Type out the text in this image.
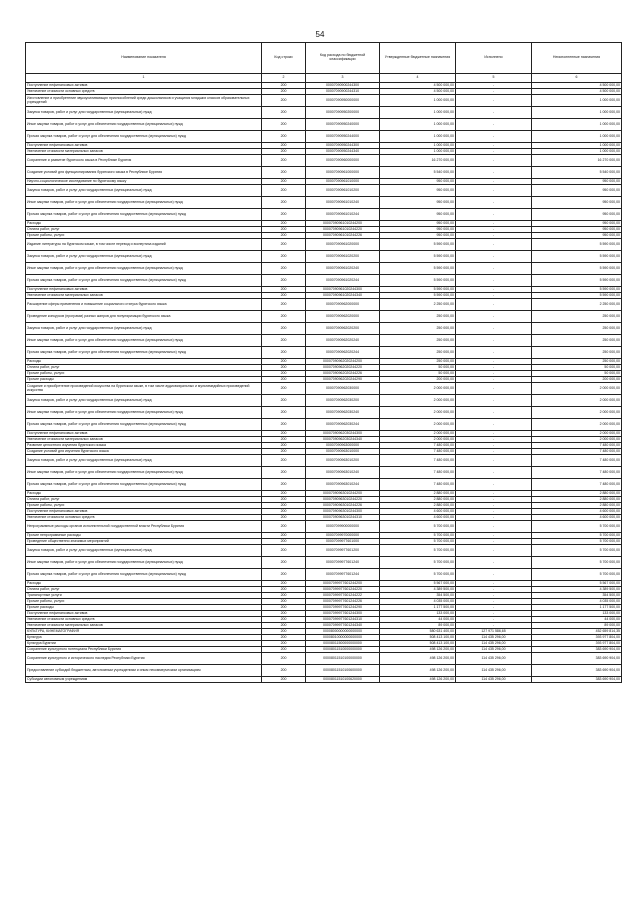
54
Наименование показателя	Код строки	Код расхода по бюджетной классификации	Утвержденные бюджетные назначения	Исполнено	Неисполненные назначения
1	2	3	4	5	6
Поступление нефинансовых активов	200	00007090900244300	4 500 000,00	-	4 500 000,00
Увеличение стоимости основных средств	200	00007090900244310	4 500 000,00	-	4 500 000,00
Изготовление и приобретение звукоусиливающих приспособлений среди дошкольников и учащихся младших классов образовательных учреждений	200	00007090950000000	1 000 000,00	-	1 000 000,00
Закупка товаров, работ и услуг для государственных (муниципальных) нужд	200	00007090950200000	1 000 000,00	-	1 000 000,00
Иные закупки товаров, работ и услуг для обеспечения государственных (муниципальных) нужд	200	00007090950240000	1 000 000,00	-	1 000 000,00
Прочая закупка товаров, работ и услуг для обеспечения государственных (муниципальных) нужд	200	00007090950244000	1 000 000,00	-	1 000 000,00
Поступление нефинансовых активов	200	00007090950244300	1 000 000,00	-	1 000 000,00
Увеличение стоимости материальных запасов	200	00007090950244340	1 000 000,00	-	1 000 000,00
Сохранение и развитие бурятского языка в Республике Бурятия	200	00007090960000000	16 270 000,00	-	16 270 000,00
Создание условий для функционирования бурятского языка в Республике Бурятия	200	00007090961000000	5 540 000,00	-	5 540 000,00
Научно-социологическое исследование по бурятскому языку	200	00007090961010000	950 000,00	-	950 000,00
Закупка товаров, работ и услуг для государственных (муниципальных) нужд	200	00007090961010200	950 000,00	-	950 000,00
Иные закупки товаров, работ и услуг для обеспечения государственных (муниципальных) нужд	200	00007090961010240	950 000,00	-	950 000,00
Прочая закупка товаров, работ и услуг для обеспечения государственных (муниципальных) нужд	200	00007090961010244	950 000,00	-	950 000,00
Расходы	200	00007090961010244200	950 000,00	-	950 000,00
Оплата работ, услуг	200	00007090961010244220	950 000,00	-	950 000,00
Прочие работы, услуги	200	00007090961010244226	950 000,00	-	950 000,00
Издание литературы на бурятском языке, в том числе перевод и экспертиза изданий	200	00007090961020000	5 590 000,00	-	5 590 000,00
Закупка товаров, работ и услуг для государственных (муниципальных) нужд	200	00007090961020200	5 590 000,00	-	5 590 000,00
Иные закупки товаров, работ и услуг для обеспечения государственных (муниципальных) нужд	200	00007090961020240	5 590 000,00	-	5 590 000,00
Прочая закупка товаров, работ и услуг для обеспечения государственных (муниципальных) нужд	200	00007090961020244	5 590 000,00	-	5 590 000,00
Поступление нефинансовых активов	200	00007090961020244300	5 590 000,00	-	5 590 000,00
Увеличение стоимости материальных запасов	200	00007090961020244340	5 590 000,00	-	5 590 000,00
Расширение сферы применения и повышение социального статуса бурятского языка	200	00007090962000000	2 250 000,00	-	2 250 000,00
Проведение конкурсов (программ) разных жанров для популяризации бурятского языка	200	00007090962020000	250 000,00	-	250 000,00
Закупка товаров, работ и услуг для государственных (муниципальных) нужд	200	00007090962020200	250 000,00	-	250 000,00
Иные закупки товаров, работ и услуг для обеспечения государственных (муниципальных) нужд	200	00007090962020240	250 000,00	-	250 000,00
Прочая закупка товаров, работ и услуг для обеспечения государственных (муниципальных) нужд	200	00007090962020244	250 000,00	-	250 000,00
Расходы	200	00007090962020244200	250 000,00	-	250 000,00
Оплата работ, услуг	200	00007090962020244220	50 000,00	-	50 000,00
Прочие работы, услуги	200	00007090962020244226	50 000,00	-	50 000,00
Прочие расходы	200	00007090962020244290	200 000,00	-	200 000,00
Создание и приобретение произведений искусства на бурятском языке, в том числе аудиовизуальных и мультимедийных произведений искусства	200	00007090962030000	2 000 000,00	-	2 000 000,00
Закупка товаров, работ и услуг для государственных (муниципальных) нужд	200	00007090962030200	2 000 000,00	-	2 000 000,00
Иные закупки товаров, работ и услуг для обеспечения государственных (муниципальных) нужд	200	00007090962030240	2 000 000,00	-	2 000 000,00
Прочая закупка товаров, работ и услуг для обеспечения государственных (муниципальных) нужд	200	00007090962030244	2 000 000,00	-	2 000 000,00
Поступление нефинансовых активов	200	00007090962030244300	2 000 000,00	-	2 000 000,00
Увеличение стоимости материальных запасов	200	00007090962030244340	2 000 000,00	-	2 000 000,00
Развитие целостного изучения бурятского языка	200	00007090963000000	7 480 000,00	-	7 480 000,00
Создание условий для изучения бурятского языка	200	00007090963010000	7 480 000,00	-	7 480 000,00
Закупка товаров, работ и услуг для государственных (муниципальных) нужд	200	00007090963010200	7 480 000,00	-	7 480 000,00
Иные закупки товаров, работ и услуг для обеспечения государственных (муниципальных) нужд	200	00007090963010240	7 480 000,00	-	7 480 000,00
Прочая закупка товаров, работ и услуг для обеспечения государственных (муниципальных) нужд	200	00007090963010244	7 480 000,00	-	7 480 000,00
Расходы	200	00007090963010244200	2 880 000,00	-	2 880 000,00
Оплата работ, услуг	200	00007090963010244220	2 880 000,00	-	2 880 000,00
Прочие работы, услуги	200	00007090963010244226	2 880 000,00	-	2 880 000,00
Поступление нефинансовых активов	200	00007090963010244300	4 600 000,00	-	4 600 000,00
Увеличение стоимости основных средств	200	00007090963010244310	4 600 000,00	-	4 600 000,00
Непрограммные расходы органов исполнительной государственной власти Республики Бурятия	200	00007099900000000	5 700 000,00	-	5 700 000,00
Прочие непрограммные расходы	200	00007099970000000	5 700 000,00	-	5 700 000,00
Проведение общественно значимых мероприятий	200	00007099977601000	5 700 000,00	-	5 700 000,00
Закупка товаров, работ и услуг для государственных (муниципальных) нужд	200	00007099977601200	5 700 000,00	-	5 700 000,00
Иные закупки товаров, работ и услуг для обеспечения государственных (муниципальных) нужд	200	00007099977601240	5 700 000,00	-	5 700 000,00
Прочая закупка товаров, работ и услуг для обеспечения государственных (муниципальных) нужд	200	00007099977601244	5 700 000,00	-	5 700 000,00
Расходы	200	00007099977601244200	5 567 000,00	-	5 567 000,00
Оплата работ, услуг	200	00007099977601244220	4 389 500,00	-	4 389 500,00
Транспортные услуги	200	00007099977601244222	354 500,00	-	354 500,00
Прочие работы, услуги	200	00007099977601244226	4 035 000,00	-	4 035 000,00
Прочие расходы	200	00007099977601244290	1 177 500,00	-	1 177 500,00
Поступление нефинансовых активов	200	00007099977601244300	133 000,00	-	133 000,00
Увеличение стоимости основных средств	200	00007099977601244310	44 000,00	-	44 000,00
Увеличение стоимости материальных запасов	200	00007099977601244340	89 000,00	-	89 000,00
КУЛЬТУРА, КИНЕМАТОГРАФИЯ	200	00008000000000000000	580 631 400,00	127 971 586,65	452 659 814,35
Культура	200	00008010000000000000	508 413 100,00	114 435 296,00	393 977 804,00
Культура Бурятии	200	00008011500000000000	508 413 100,00	114 435 296,00	393 977 804,00
Сохранение культурного потенциала Республики Бурятия	200	00008011510000000000	498 126 200,00	114 435 296,00	383 690 904,00
Сохранение культурного и исторического наследия Республики Бурятия	200	00008011510100000000	498 126 200,00	114 435 296,00	383 690 904,00
Предоставление субсидий бюджетным, автономным учреждениям и иным некоммерческим организациям	200	00008011510100600000	498 126 200,00	114 435 296,00	383 690 904,00
Субсидии автономным учреждениям	200	00008011510100620000	498 126 200,00	114 435 296,00	383 690 904,00
